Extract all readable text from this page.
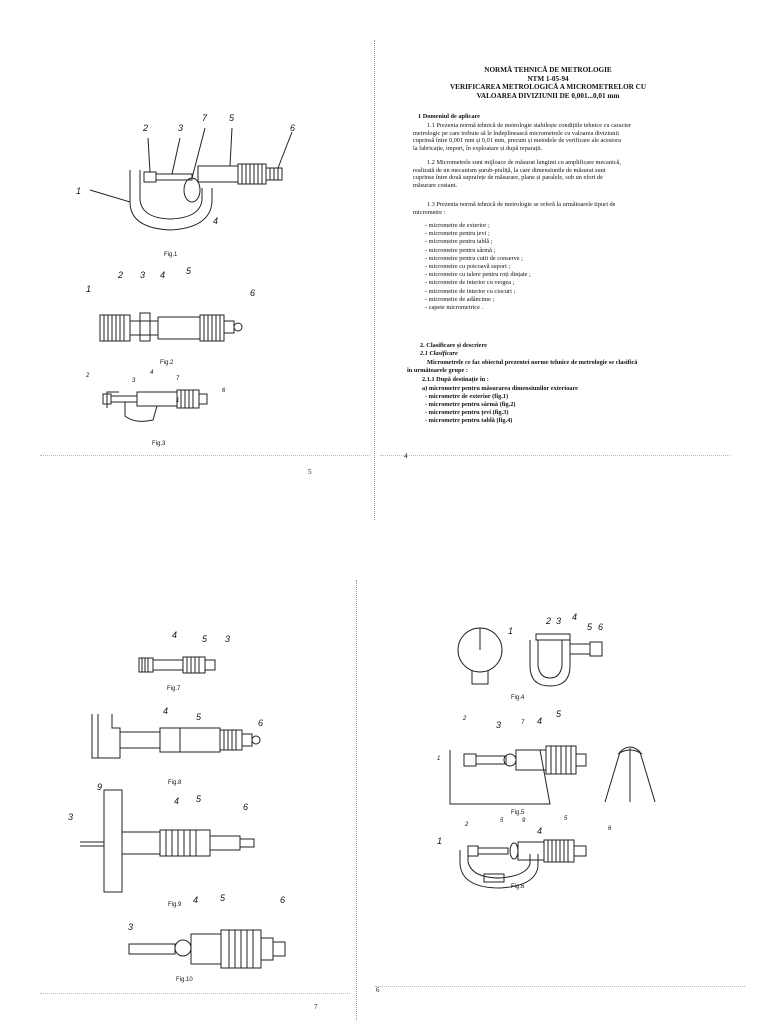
NORMĂ TEHNICĂ DE METROLOGIE
NTM 1-05-94
VERIFICAREA METROLOGICĂ A MICROMETRELOR CU
VALOAREA DIVIZIUNII DE 0,001...0,01 mm
1 Domeniul de aplicare
1.1 Prezenta normă tehnică de metrologie stabilește condițiile tehnice cu caracter
metrologic pe care trebuie să le îndeplinească micrometrele cu valoarea diviziunii
cuprinsă între 0,001 mm și 0,01 mm, precum și metodele de verificare ale acestora
la fabricație, import, în exploatare și după reparații.
1.2 Micrometrele sunt mijloace de măsurat lungimi cu amplificare mecanică,
realizată de un mecanism șurub-piuliță, la care dimensiunile de măsurat sunt
cuprinse între două suprafețe de măsurare, plane și paralele, sub un efort de
măsurare costant.
1.3 Prezenta normă tehnică de metrologie se referă la următoarele tipuri de
micrometre :
- micrometre de exterior ;
- micrometre pentru țevi ;
- micrometre pentru tablă ;
- micrometre pentru sârmă ;
- micrometre pentru cutii de conserve ;
- micrometre cu potcoavă suport ;
- micrometre cu talere pentru roți dințate ;
- micrometre de interior cu vergea ;
- micrometre de interior cu ciocuri ;
- micrometre de adâncime ;
- capete micrometrice .
2. Clasificare și descriere
2.1 Clasificare
Micrometrele ce fac obiectul prezentei norme tehnice de metrologie se clasifică
în următoarele grupe :
2.1.1 După destinație în :
a) micrometre pentru măsurarea dimensiunilor exterioare
- micrometre de exterior (fig.1)
- micrometre pentru sârmă (fig.2)
- micrometre pentru țevi (fig.3)
- micrometre pentru tablă (fig.4)
4
1
2	3
7 5
6
4
Fig.1
1
2 3 4 5
6
Fig.2
2
3
4
7
6
1
Fig.3
5
4	5 3
Fig.7
4
5
6
Fig.8
9
3
4 5
6
Fig.9
3
4 5	6
Fig.10
7
1
2 3 4
5 6
Fig.4
2
3	7 4
5
1
Fig.5
1
2
5	9
4	6
5
Fig.6
6
